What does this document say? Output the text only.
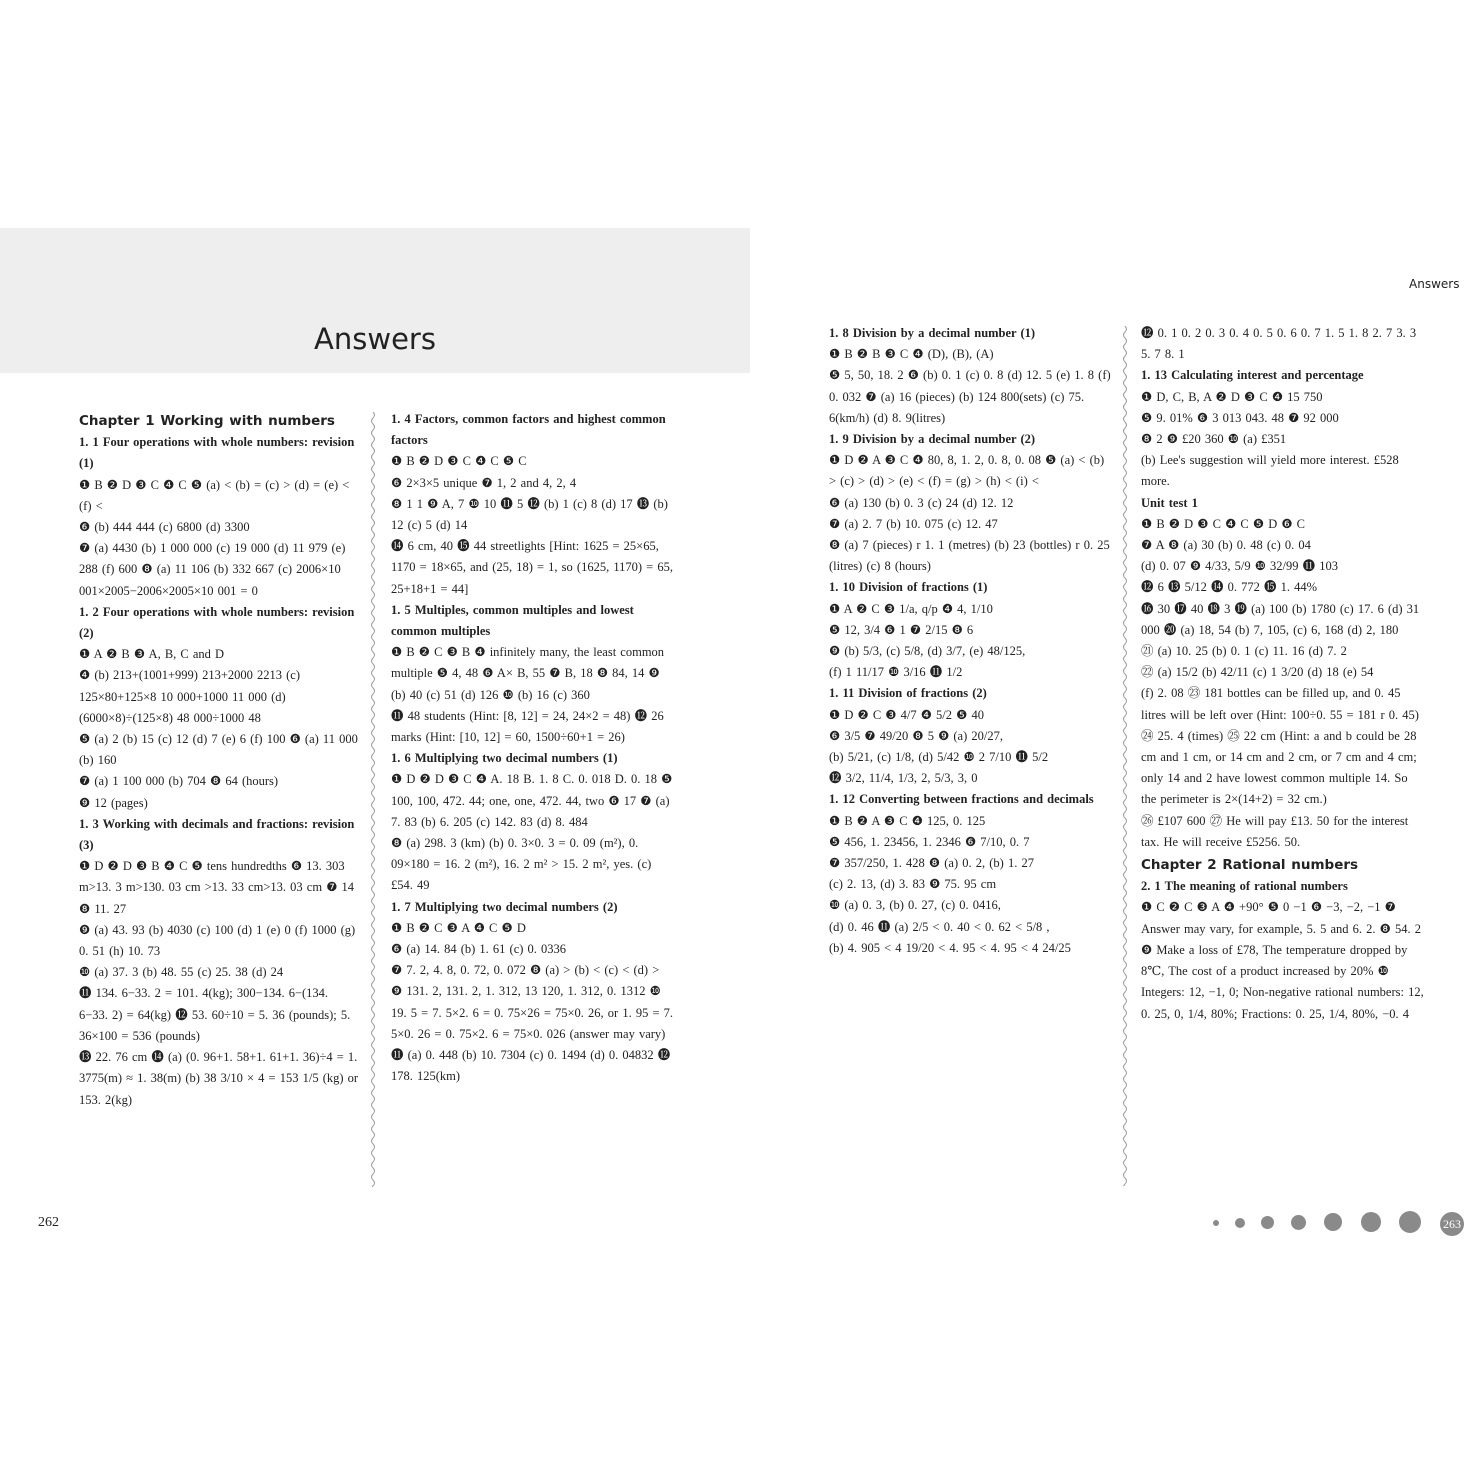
Answers
Answers

Chapter 1 Working with numbers

1. 1 Four operations with whole numbers: revision (1)

❶ B ❷ D ❸ C ❹ C ❺ (a) < (b) = (c) > (d) = (e) < (f) <

❻ (b) 444 444 (c) 6800 (d) 3300

❼ (a) 4430 (b) 1 000 000 (c) 19 000 (d) 11 979 (e) 288 (f) 600 ❽ (a) 11 106 (b) 332 667 (c) 2006×10 001×2005−2006×2005×10 001 = 0

1. 2 Four operations with whole numbers: revision (2)

❶ A ❷ B ❸ A, B, C and D

❹ (b) 213+(1001+999) 213+2000 2213 (c) 125×80+125×8 10 000+1000 11 000 (d) (6000×8)÷(125×8) 48 000÷1000 48

❺ (a) 2 (b) 15 (c) 12 (d) 7 (e) 6 (f) 100 ❻ (a) 11 000 (b) 160

❼ (a) 1 100 000 (b) 704 ❽ 64 (hours)

❾ 12 (pages)

1. 3 Working with decimals and fractions: revision (3)

❶ D ❷ D ❸ B ❹ C ❺ tens hundredths ❻ 13. 303 m>13. 3 m>130. 03 cm >13. 33 cm>13. 03 cm ❼ 14 ❽ 11. 27

❾ (a) 43. 93 (b) 4030 (c) 100 (d) 1 (e) 0 (f) 1000 (g) 0. 51 (h) 10. 73

❿ (a) 37. 3 (b) 48. 55 (c) 25. 38 (d) 24

⓫ 134. 6−33. 2 = 101. 4(kg); 300−134. 6−(134. 6−33. 2) = 64(kg) ⓬ 53. 60÷10 = 5. 36 (pounds); 5. 36×100 = 536 (pounds)

⓭ 22. 76 cm ⓮ (a) (0. 96+1. 58+1. 61+1. 36)÷4 = 1. 3775(m) ≈ 1. 38(m) (b) 38 3/10 × 4 = 153 1/5 (kg) or 153. 2(kg)

1. 4 Factors, common factors and highest common factors

❶ B ❷ D ❸ C ❹ C ❺ C

❻ 2×3×5 unique ❼ 1, 2 and 4, 2, 4

❽ 1 1 ❾ A, 7 ❿ 10 ⓫ 5 ⓬ (b) 1 (c) 8 (d) 17 ⓭ (b) 12 (c) 5 (d) 14

⓮ 6 cm, 40 ⓯ 44 streetlights [Hint: 1625 = 25×65, 1170 = 18×65, and (25, 18) = 1, so (1625, 1170) = 65, 25+18+1 = 44]

1. 5 Multiples, common multiples and lowest common multiples

❶ B ❷ C ❸ B ❹ infinitely many, the least common multiple ❺ 4, 48 ❻ A× B, 55 ❼ B, 18 ❽ 84, 14 ❾ (b) 40 (c) 51 (d) 126 ❿ (b) 16 (c) 360

⓫ 48 students (Hint: [8, 12] = 24, 24×2 = 48) ⓬ 26 marks (Hint: [10, 12] = 60, 1500÷60+1 = 26)

1. 6 Multiplying two decimal numbers (1)

❶ D ❷ D ❸ C ❹ A. 18 B. 1. 8 C. 0. 018 D. 0. 18 ❺ 100, 100, 472. 44; one, one, 472. 44, two ❻ 17 ❼ (a) 7. 83 (b) 6. 205 (c) 142. 83 (d) 8. 484

❽ (a) 298. 3 (km) (b) 0. 3×0. 3 = 0. 09 (m²), 0. 09×180 = 16. 2 (m²), 16. 2 m² > 15. 2 m², yes. (c) £54. 49

1. 7 Multiplying two decimal numbers (2)

❶ B ❷ C ❸ A ❹ C ❺ D

❻ (a) 14. 84 (b) 1. 61 (c) 0. 0336

❼ 7. 2, 4. 8, 0. 72, 0. 072 ❽ (a) > (b) < (c) < (d) > ❾ 131. 2, 131. 2, 1. 312, 13 120, 1. 312, 0. 1312 ❿ 19. 5 = 7. 5×2. 6 = 0. 75×26 = 75×0. 26, or 1. 95 = 7. 5×0. 26 = 0. 75×2. 6 = 75×0. 026 (answer may vary) ⓫ (a) 0. 448 (b) 10. 7304 (c) 0. 1494 (d) 0. 04832 ⓬ 178. 125(km)

1. 8 Division by a decimal number (1)

❶ B ❷ B ❸ C ❹ (D), (B), (A)

❺ 5, 50, 18. 2 ❻ (b) 0. 1 (c) 0. 8 (d) 12. 5 (e) 1. 8 (f) 0. 032 ❼ (a) 16 (pieces) (b) 124 800(sets) (c) 75. 6(km/h) (d) 8. 9(litres)

1. 9 Division by a decimal number (2)

❶ D ❷ A ❸ C ❹ 80, 8, 1. 2, 0. 8, 0. 08 ❺ (a) < (b) > (c) > (d) > (e) < (f) = (g) > (h) < (i) <

❻ (a) 130 (b) 0. 3 (c) 24 (d) 12. 12

❼ (a) 2. 7 (b) 10. 075 (c) 12. 47

❽ (a) 7 (pieces) r 1. 1 (metres) (b) 23 (bottles) r 0. 25 (litres) (c) 8 (hours)

1. 10 Division of fractions (1)

❶ A ❷ C ❸ 1/a, q/p ❹ 4, 1/10

❺ 12, 3/4 ❻ 1 ❼ 2/15 ❽ 6

❾ (b) 5/3, (c) 5/8, (d) 3/7, (e) 48/125,

(f) 1 11/17 ❿ 3/16 ⓫ 1/2

1. 11 Division of fractions (2)

❶ D ❷ C ❸ 4/7 ❹ 5/2 ❺ 40

❻ 3/5 ❼ 49/20 ❽ 5 ❾ (a) 20/27,

(b) 5/21, (c) 1/8, (d) 5/42 ❿ 2 7/10 ⓫ 5/2

⓬ 3/2, 11/4, 1/3, 2, 5/3, 3, 0

1. 12 Converting between fractions and decimals

❶ B ❷ A ❸ C ❹ 125, 0. 125

❺ 456, 1. 23456, 1. 2346 ❻ 7/10, 0. 7

❼ 357/250, 1. 428 ❽ (a) 0. 2, (b) 1. 27

(c) 2. 13, (d) 3. 83 ❾ 75. 95 cm

❿ (a) 0. 3, (b) 0. 27, (c) 0. 0416,

(d) 0. 46 ⓫ (a) 2/5 < 0. 40 < 0. 62 < 5/8 ,

(b) 4. 905 < 4 19/20 < 4. 95 < 4. 95 < 4 24/25

⓬ 0. 1 0. 2 0. 3 0. 4 0. 5 0. 6 0. 7 1. 5 1. 8 2. 7 3. 3 5. 7 8. 1

1. 13 Calculating interest and percentage

❶ D, C, B, A ❷ D ❸ C ❹ 15 750

❺ 9. 01% ❻ 3 013 043. 48 ❼ 92 000

❽ 2 ❾ £20 360 ❿ (a) £351

(b) Lee's suggestion will yield more interest. £528 more.

Unit test 1

❶ B ❷ D ❸ C ❹ C ❺ D ❻ C

❼ A ❽ (a) 30 (b) 0. 48 (c) 0. 04

(d) 0. 07 ❾ 4/33, 5/9 ❿ 32/99 ⓫ 103

⓬ 6 ⓭ 5/12 ⓮ 0. 772 ⓯ 1. 44%

⓰ 30 ⓱ 40 ⓲ 3 ⓳ (a) 100 (b) 1780 (c) 17. 6 (d) 31 000 ⓴ (a) 18, 54 (b) 7, 105, (c) 6, 168 (d) 2, 180

㉑ (a) 10. 25 (b) 0. 1 (c) 11. 16 (d) 7. 2

㉒ (a) 15/2 (b) 42/11 (c) 1 3/20 (d) 18 (e) 54

(f) 2. 08 ㉓ 181 bottles can be filled up, and 0. 45 litres will be left over (Hint: 100÷0. 55 = 181 r 0. 45) ㉔ 25. 4 (times) ㉕ 22 cm (Hint: a and b could be 28 cm and 1 cm, or 14 cm and 2 cm, or 7 cm and 4 cm; only 14 and 2 have lowest common multiple 14. So the perimeter is 2×(14+2) = 32 cm.)

㉖ £107 600 ㉗ He will pay £13. 50 for the interest tax. He will receive £5256. 50.

Chapter 2 Rational numbers

2. 1 The meaning of rational numbers

❶ C ❷ C ❸ A ❹ +90° ❺ 0 −1 ❻ −3, −2, −1 ❼ Answer may vary, for example, 5. 5 and 6. 2. ❽ 54. 2

❾ Make a loss of £78, The temperature dropped by 8℃, The cost of a product increased by 20% ❿ Integers: 12, −1, 0; Non-negative rational numbers: 12, 0. 25, 0, 1/4, 80%; Fractions: 0. 25, 1/4, 80%, −0. 4

262	263
